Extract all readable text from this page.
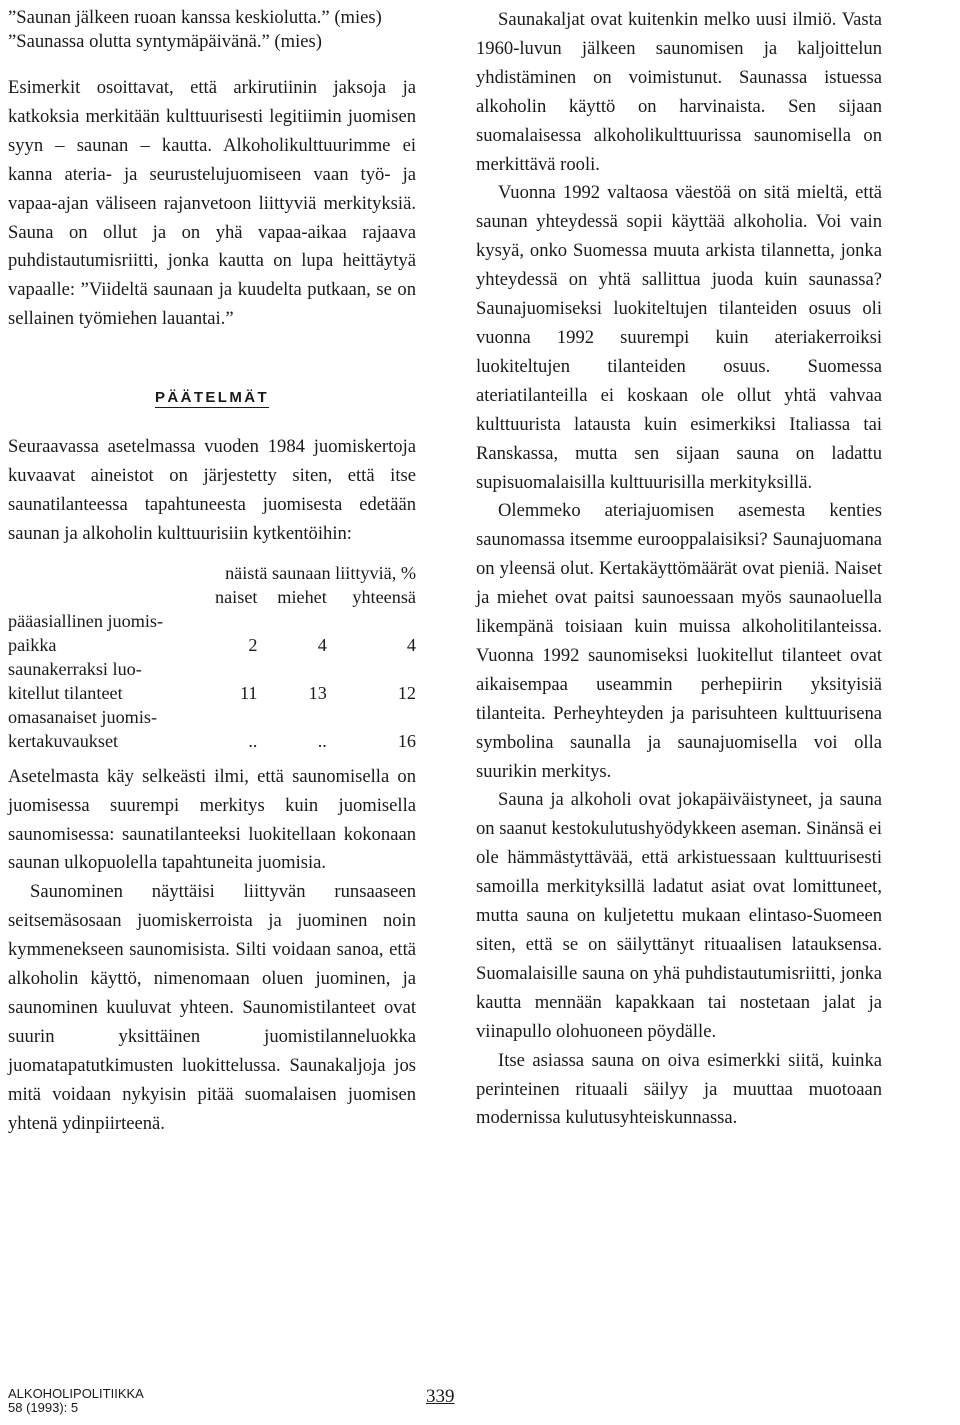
”Saunan jälkeen ruoan kanssa keskiolutta.” (mies)
”Saunassa olutta syntymäpäivänä.” (mies)

Esimerkit osoittavat, että arkirutiinin jaksoja ja katkoksia merkitään kulttuurisesti legitiimin juomisen syyn – saunan – kautta. Alkoholikulttuurimme ei kanna ateria- ja seurustelujuomiseen vaan työ- ja vapaa-ajan väliseen rajanvetoon liittyviä merkityksiä. Sauna on ollut ja on yhä vapaa-aikaa rajaava puhdistautumisriitti, jonka kautta on lupa heittäytyä vapaalle: ”Viideltä saunaan ja kuudelta putkaan, se on sellainen työmiehen lauantai.”

PÄÄTELMÄT

Seuraavassa asetelmassa vuoden 1984 juomiskertoja kuvaavat aineistot on järjestetty siten, että itse saunatilanteessa tapahtuneesta juomisesta edetään saunan ja alkoholin kulttuurisiin kytkentöihin:

	näistä saunaan liittyviä, %		
	naiset	miehet	yhteensä
pääasiallinen juomis-			
paikka	2	4	4
saunakerraksi luo-			
kitellut tilanteet	11	13	12
omasanaiset juomis-			
kertakuvaukset	..	..	16

Asetelmasta käy selkeästi ilmi, että saunomisella on juomisessa suurempi merkitys kuin juomisella saunomisessa: saunatilanteeksi luokitellaan kokonaan saunan ulkopuolella tapahtuneita juomisia.

Saunominen näyttäisi liittyvän runsaaseen seitsemäsosaan juomiskerroista ja juominen noin kymmenekseen saunomisista. Silti voidaan sanoa, että alkoholin käyttö, nimenomaan oluen juominen, ja saunominen kuuluvat yhteen. Saunomistilanteet ovat suurin yksittäinen juomistilanneluokka juomatapatutkimusten luokittelussa. Saunakaljoja jos mitä voidaan nykyisin pitää suomalaisen juomisen yhtenä ydinpiirteenä.

Saunakaljat ovat kuitenkin melko uusi ilmiö. Vasta 1960-luvun jälkeen saunomisen ja kaljoittelun yhdistäminen on voimistunut. Saunassa istuessa alkoholin käyttö on harvinaista. Sen sijaan suomalaisessa alkoholikulttuurissa saunomisella on merkittävä rooli.

Vuonna 1992 valtaosa väestöä on sitä mieltä, että saunan yhteydessä sopii käyttää alkoholia. Voi vain kysyä, onko Suomessa muuta arkista tilannetta, jonka yhteydessä on yhtä sallittua juoda kuin saunassa? Saunajuomiseksi luokiteltujen tilanteiden osuus oli vuonna 1992 suurempi kuin ateriakerroiksi luokiteltujen tilanteiden osuus. Suomessa ateriatilanteilla ei koskaan ole ollut yhtä vahvaa kulttuurista latausta kuin esimerkiksi Italiassa tai Ranskassa, mutta sen sijaan sauna on ladattu supisuomalaisilla kulttuurisilla merkityksillä.

Olemmeko ateriajuomisen asemesta kenties saunomassa itsemme eurooppalaisiksi? Saunajuomana on yleensä olut. Kertakäyttömäärät ovat pieniä. Naiset ja miehet ovat paitsi saunoessaan myös saunaoluella likempänä toisiaan kuin muissa alkoholitilanteissa. Vuonna 1992 saunomiseksi luokitellut tilanteet ovat aikaisempaa useammin perhepiirin yksityisiä tilanteita. Perheyhteyden ja parisuhteen kulttuurisena symbolina saunalla ja saunajuomisella voi olla suurikin merkitys.

Sauna ja alkoholi ovat jokapäiväistyneet, ja sauna on saanut kestokulutushyödykkeen aseman. Sinänsä ei ole hämmästyttävää, että arkistuessaan kulttuurisesti samoilla merkityksillä ladatut asiat ovat lomittuneet, mutta sauna on kuljetettu mukaan elintaso-Suomeen siten, että se on säilyttänyt rituaalisen latauksensa. Suomalaisille sauna on yhä puhdistautumisriitti, jonka kautta mennään kapakkaan tai nostetaan jalat ja viinapullo olohuoneen pöydälle.

Itse asiassa sauna on oiva esimerkki siitä, kuinka perinteinen rituaali säilyy ja muuttaa muotoaan modernissa kulutusyhteiskunnassa.

ALKOHOLIPOLITIIKKA
58 (1993): 5
339
